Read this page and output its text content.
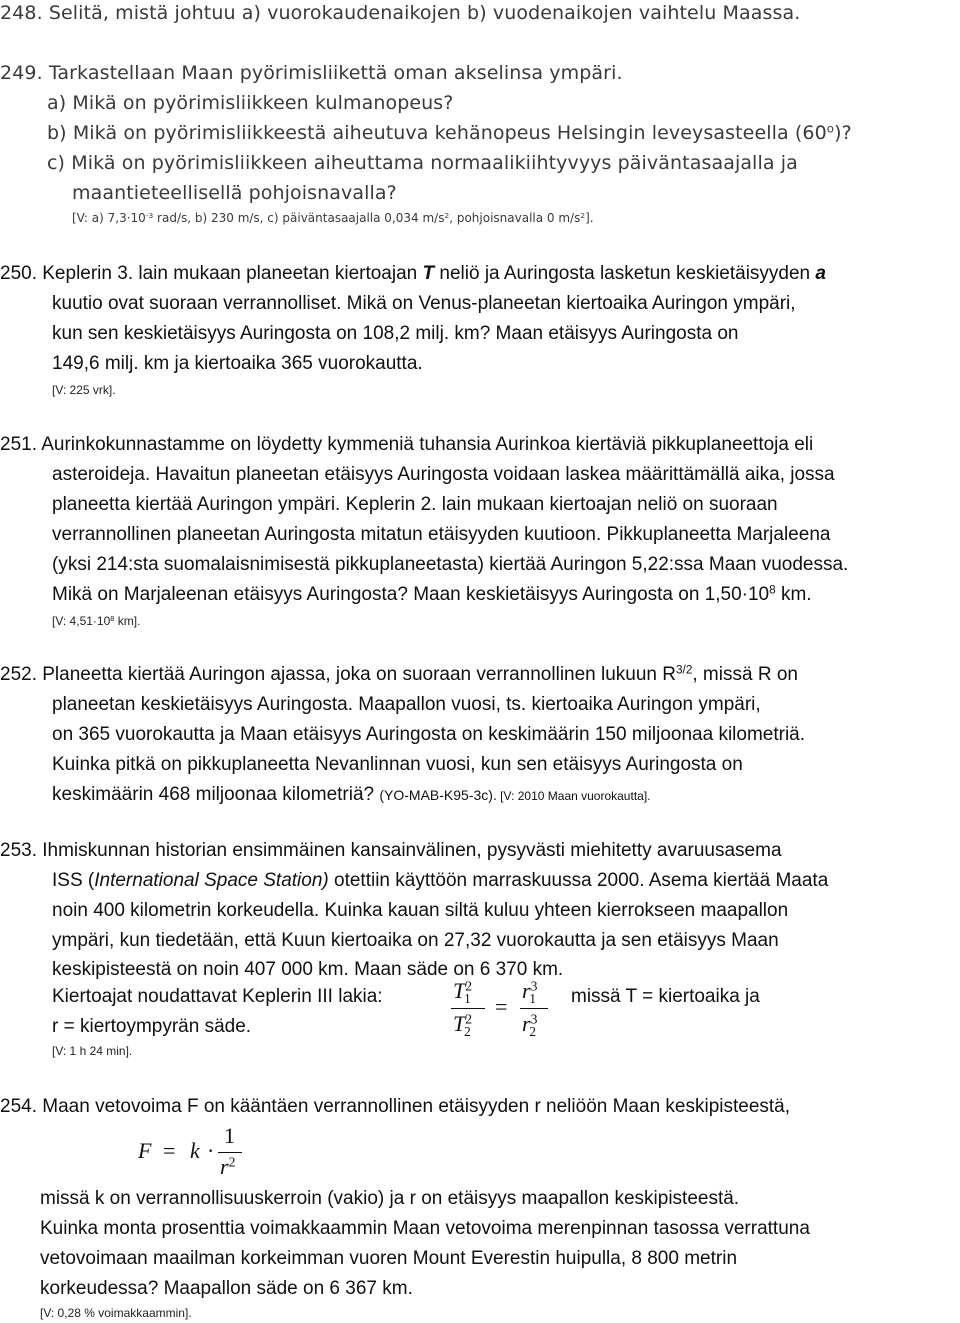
248. Selitä, mistä johtuu a) vuorokaudenaikojen b) vuodenaikojen vaihtelu Maassa.
249. Tarkastellaan Maan pyörimisliikettä oman akselinsa ympäri.
a) Mikä on pyörimisliikkeen kulmanopeus?
b) Mikä on pyörimisliikkeestä aiheutuva kehänopeus Helsingin leveysasteella (60$^o$)?
c) Mikä on pyörimisliikkeen aiheuttama normaalikiihtyvyys päiväntasaajalla ja
maantieteellisellä pohjoisnavalla?
[V: a) $7,3\cdot 10^{-3}$ rad/s, b) 230 m/s, c) päiväntasaajalla 0,034 $m/s^2$, pohjoisnavalla 0 $m/s^2$].
250. Keplerin 3. lain mukaan planeetan kiertoajan T neliö ja Auringosta lasketun keskietäisyyden a
kuutio ovat suoraan verrannolliset. Mikä on Venus-planeetan kiertoaika Auringon ympäri,
kun sen keskietäisyys Auringosta on 108,2 milj. km? Maan etäisyys Auringosta on
149,6 milj. km ja kiertoaika 365 vuorokautta.
[V: 225 vrk].
251. Aurinkokunnastamme on löydetty kymmeniä tuhansia Aurinkoa kiertäviä pikkuplaneettoja eli
asteroideja. Havaitun planeetan etäisyys Auringosta voidaan laskea määrittämällä aika, jossa
planeetta kiertää Auringon ympäri. Keplerin 2. lain mukaan kiertoajan neliö on suoraan
verrannollinen planeetan Auringosta mitatun etäisyyden kuutioon. Pikkuplaneetta Marjaleena
(yksi 214:sta suomalaisnimisestä pikkuplaneetasta) kiertää Auringon 5,22:ssa Maan vuodessa.
Mikä on Marjaleenan etäisyys Auringosta? Maan keskietäisyys Auringosta on $1,50\cdot 10^8$ km.
[V: $4,51\cdot 10^8$ km].
252. Planeetta kiertää Auringon ajassa, joka on suoraan verrannollinen lukuun $R^{3/2}$, missä R on
planeetan keskietäisyys Auringosta. Maapallon vuosi, ts. kiertoaika Auringon ympäri,
on 365 vuorokautta ja Maan etäisyys Auringosta on keskimäärin 150 miljoonaa kilometriä.
Kuinka pitkä on pikkuplaneetta Nevanlinnan vuosi, kun sen etäisyys Auringosta on
keskimäärin 468 miljoonaa kilometriä? (YO-MAB-K95-3c). [V: 2010 Maan vuorokautta].
253. Ihmiskunnan historian ensimmäinen kansainvälinen, pysyvästi miehitetty avaruusasema
ISS (International Space Station) otettiin käyttöön marraskuussa 2000. Asema kiertää Maata
noin 400 kilometrin korkeudella. Kuinka kauan siltä kuluu yhteen kierrokseen maapallon
ympäri, kun tiedetään, että Kuun kiertoaika on 27,32 vuorokautta ja sen etäisyys Maan
keskipisteestä on noin 407 000 km. Maan säde on 6 370 km.
Kiertoajat noudattavat Keplerin III lakia:	missä T = kiertoaika ja
r = kiertoympyrän säde.
[V: 1 h 24 min].
$T^2_1$
$T^2_2$
=
$r^3_1$
$r^3_2$
254. Maan vetovoima F on kääntäen verrannollinen etäisyyden r neliöön Maan keskipisteestä,
F = k ·
1
$r^2$
missä k on verrannollisuuskerroin (vakio) ja r on etäisyys maapallon keskipisteestä.
Kuinka monta prosenttia voimakkaammin Maan vetovoima merenpinnan tasossa verrattuna
vetovoimaan maailman korkeimman vuoren Mount Everestin huipulla, 8 800 metrin
korkeudessa? Maapallon säde on 6 367 km.
[V: 0,28 % voimakkaammin].
